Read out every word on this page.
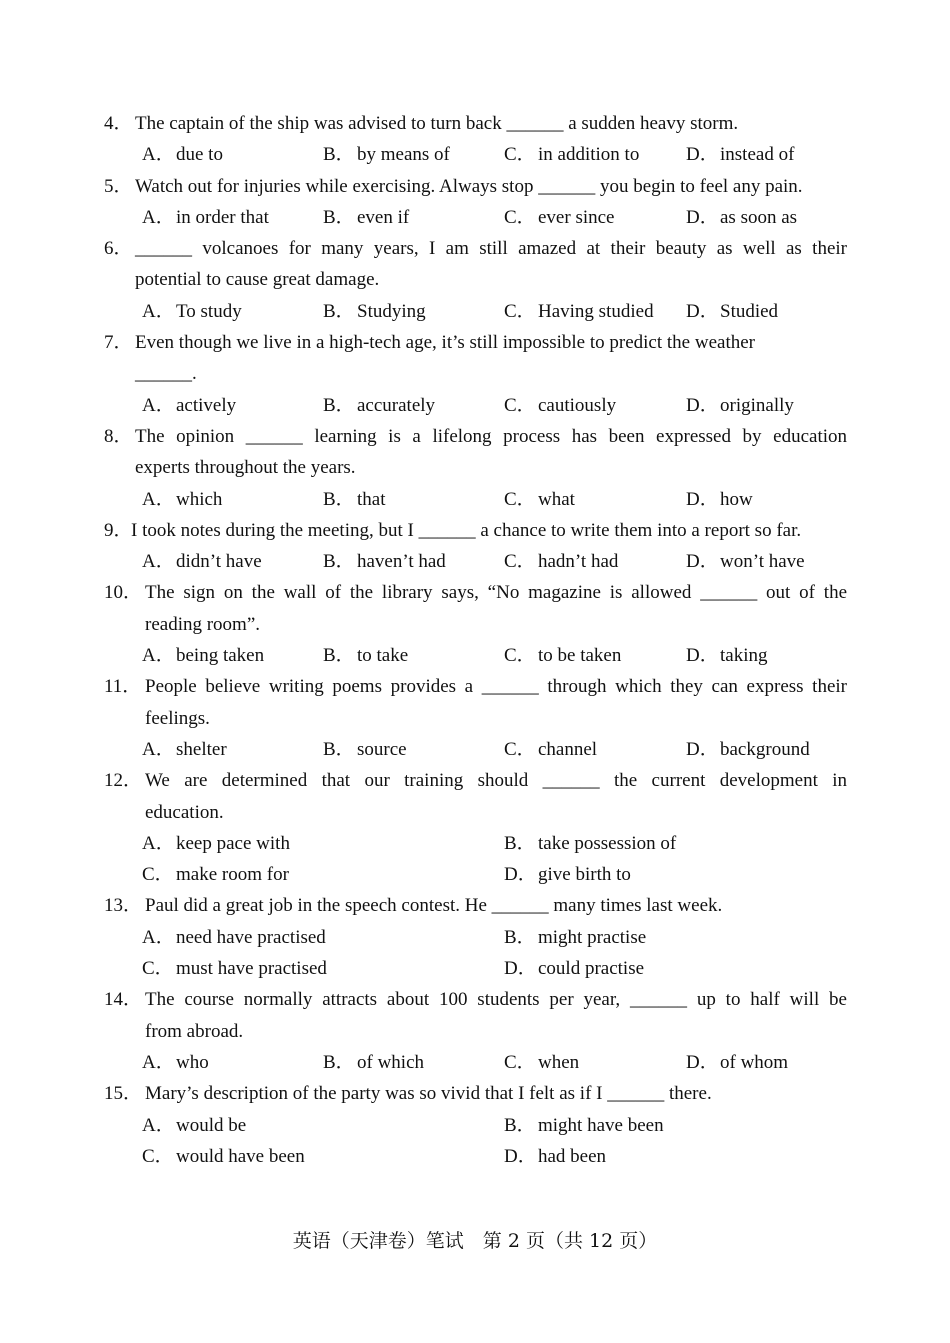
4． The captain of the ship was advised to turn back ______ a sudden heavy storm.
A．due to	B． by means of	C． in addition to D．instead of
5． Watch out for injuries while exercising. Always stop ______ you begin to feel any pain.
A．in order that	B． even if	C． ever since	D．as soon as
6． ______ volcanoes for many years, I am still amazed at their beauty as well as their
potential to cause great damage.
A．To study	B． Studying	C． Having studied D．Studied
7． Even though we live in a high-tech age, it’s still impossible to predict the weather
______.
A．actively	B． accurately	C． cautiously	D．originally
8． The opinion ______ learning is a lifelong process has been expressed by education
experts throughout the years.
A．which	B． that	C． what	D．how
9．
I took notes during the meeting, but I ______ a chance to write them into a report so far.
A．didn’t have	B． haven’t had	C． hadn’t had	D．won’t have
10． The sign on the wall of the library says, “No magazine is allowed ______ out of the
reading room”.
A．being taken	B． to take	C． to be taken	D．taking
11． People believe writing poems provides a ______ through which they can express their
feelings.
A．shelter	B． source	C． channel	D．background
12． We are determined that our training should ______ the current development in
education.
A．keep pace with	B． take possession of
C． make room for	D．give birth to
13． Paul did a great job in the speech contest. He ______ many times last week.
A．need have practised	B． might practise
C． must have practised	D．could practise
14． The course normally attracts about 100 students per year, ______ up to half will be
from abroad.
A．who	B． of which	C． when	D．of whom
15． Mary’s description of the party was so vivid that I felt as if I ______ there.
A．would be	B． might have been
C． would have been	D．had been
英语（天津卷）笔试　第 2 页（共 12 页）
